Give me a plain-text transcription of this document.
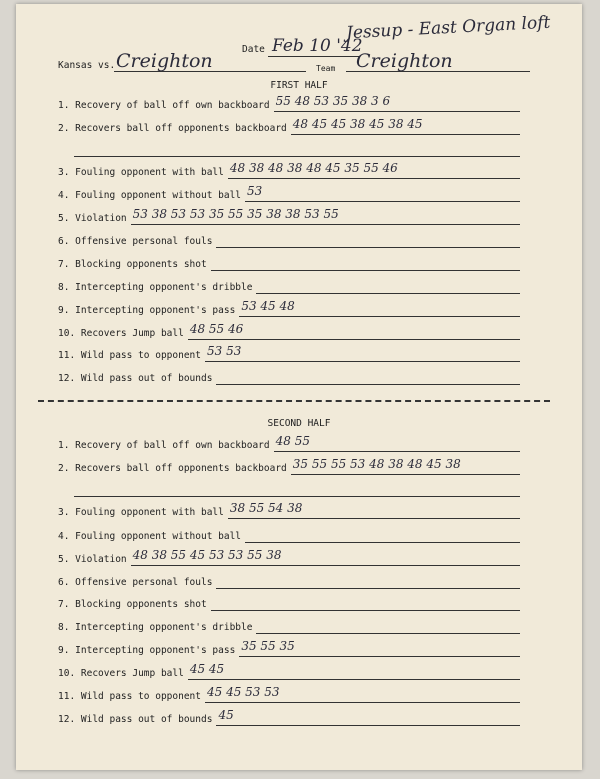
Jessup - East Organ loft
Date Feb 10 '42
Kansas vs. Creighton	Team Creighton
FIRST HALF
1. Recovery of ball off own backboard 55 48 53 35 38 3 6
2. Recovers ball off opponents backboard 48 45 45 38 45 38 45
3. Fouling opponent with ball 48 38 48 38 48 45 35 55 46
4. Fouling opponent without ball 53
5. Violation 53 38 53 53 35 55 35 38 38 53 55
6. Offensive personal fouls
7. Blocking opponents shot
8. Intercepting opponent's dribble
9. Intercepting opponent's pass 53 45 48
10. Recovers Jump ball 48 55 46
11. Wild pass to opponent 53 53
12. Wild pass out of bounds
SECOND HALF
1. Recovery of ball off own backboard 48 55
2. Recovers ball off opponents backboard 35 55 55 53 48 38 48 45 38
3. Fouling opponent with ball 38 55 54 38
4. Fouling opponent without ball
5. Violation 48 38 55 45 53 53 55 38
6. Offensive personal fouls
7. Blocking opponents shot
8. Intercepting opponent's dribble
9. Intercepting opponent's pass 35 55 35
10. Recovers Jump ball 45 45
11. Wild pass to opponent 45 45 53 53
12. Wild pass out of bounds 45
